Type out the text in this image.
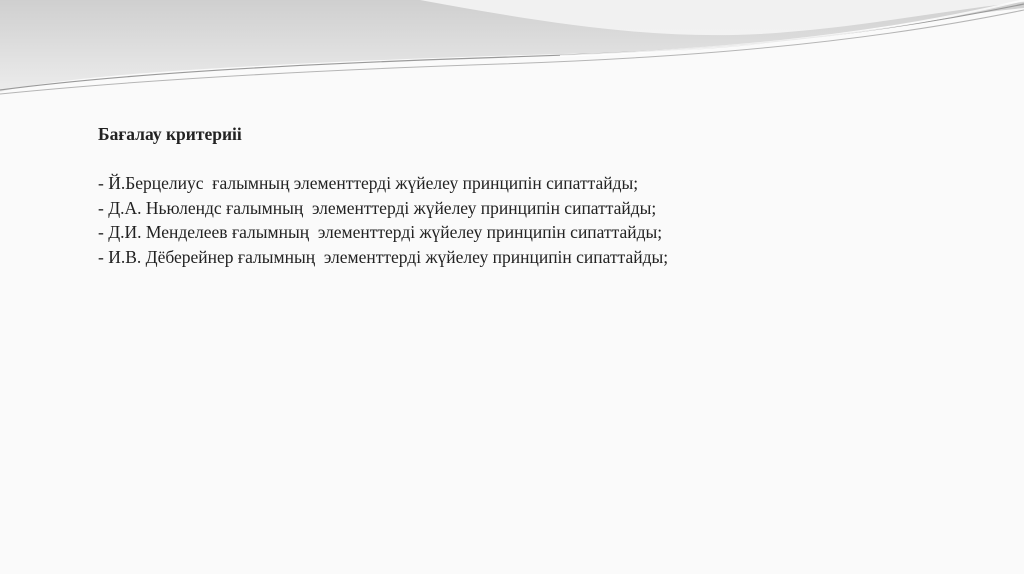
Бағалау критериіі

- Й.Берцелиус  ғалымның элементтерді жүйелеу принципін сипаттайды;

- Д.А. Ньюлендс ғалымның  элементтерді жүйелеу принципін сипаттайды;

- Д.И. Менделеев ғалымның  элементтерді жүйелеу принципін сипаттайды;

- И.В. Дёберейнер ғалымның  элементтерді жүйелеу принципін сипаттайды;
